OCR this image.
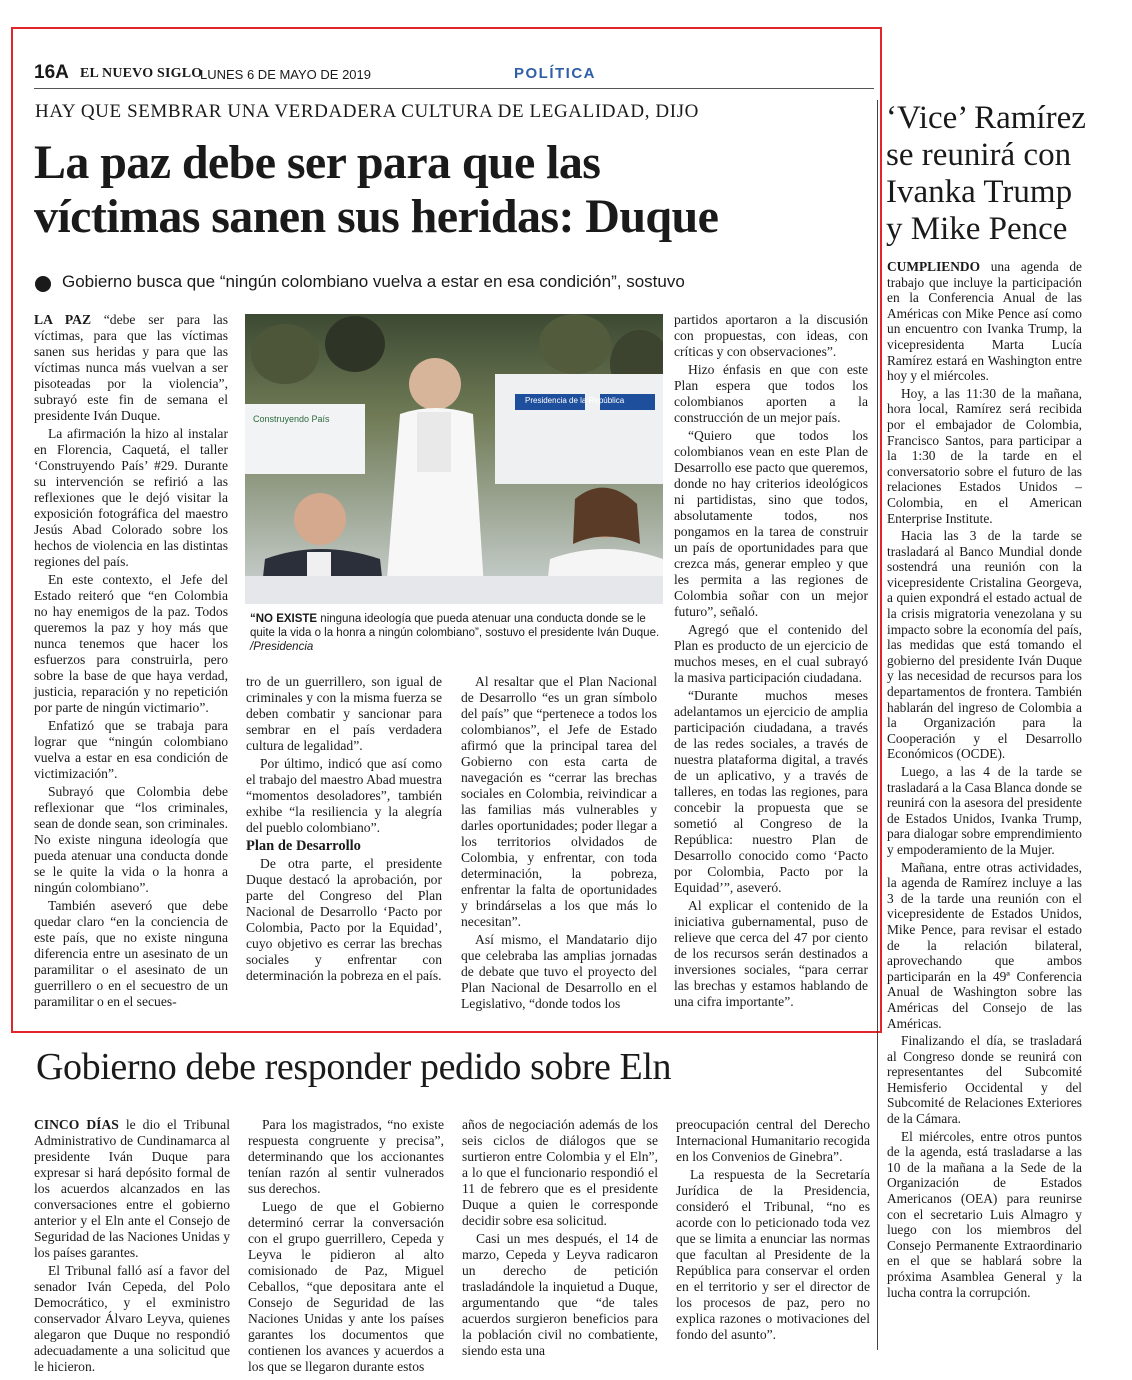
16A EL NUEVO SIGLO
LUNES 6 DE MAYO DE 2019	POLÍTICA
HAY QUE SEMBRAR UNA VERDADERA CULTURA DE LEGALIDAD, DIJO
La paz debe ser para que las
víctimas sanen sus heridas: Duque
Gobierno busca que “ningún colombiano vuelva a estar en esa condición”, sostuvo

LA PAZ “debe ser para las víctimas, para que las víctimas sanen sus heridas y para que las víctimas nunca más vuelvan a ser pisoteadas por la violencia”, subrayó este fin de semana el presidente Iván Duque.

La afirmación la hizo al instalar en Florencia, Caquetá, el taller ‘Construyendo País’ #29. Durante su intervención se refirió a las reflexiones que le dejó visitar la exposición fotográfica del maestro Jesús Abad Colorado sobre los hechos de violencia en las distintas regiones del país.

En este contexto, el Jefe del Estado reiteró que “en Colombia no hay enemigos de la paz. Todos queremos la paz y hoy más que nunca tenemos que hacer los esfuerzos para construirla, pero sobre la base de que haya verdad, justicia, reparación y no repetición por parte de ningún victimario”.

Enfatizó que se trabaja para lograr que “ningún colombiano vuelva a estar en esa condición de victimización”.

Subrayó que Colombia debe reflexionar que “los criminales, sean de donde sean, son criminales. No existe ninguna ideología que pueda atenuar una conducta donde se le quite la vida o la honra a ningún colombiano”.

También aseveró que debe quedar claro “en la conciencia de este país, que no existe ninguna diferencia entre un asesinato de un paramilitar o el asesinato de un guerrillero o en el secuestro de un paramilitar o en el secues-

Presidencia de la República
Construyendo País
“NO EXISTE ninguna ideología que pueda atenuar una conducta donde se le quite la vida o la honra a ningún colombiano”, sostuvo el presidente Iván Duque. /Presidencia

tro de un guerrillero, son igual de criminales y con la misma fuerza se deben combatir y sancionar para sembrar en el país verdadera cultura de legalidad”.

Por último, indicó que así como el trabajo del maestro Abad muestra “momentos desoladores”, también exhibe “la resiliencia y la alegría del pueblo colombiano”.

Plan de Desarrollo

De otra parte, el presidente Duque destacó la aprobación, por parte del Congreso del Plan Nacional de Desarrollo ‘Pacto por Colombia, Pacto por la Equidad’, cuyo objetivo es cerrar las brechas sociales y enfrentar con determinación la pobreza en el país.

Al resaltar que el Plan Nacional de Desarrollo “es un gran símbolo del país” que “pertenece a todos los colombianos”, el Jefe de Estado afirmó que la principal tarea del Gobierno con esta carta de navegación es “cerrar las brechas sociales en Colombia, reivindicar a las familias más vulnerables y darles oportunidades; poder llegar a los territorios olvidados de Colombia, y enfrentar, con toda determinación, la pobreza, enfrentar la falta de oportunidades y brindárselas a los que más lo necesitan”.

Así mismo, el Mandatario dijo que celebraba las amplias jornadas de debate que tuvo el proyecto del Plan Nacional de Desarrollo en el Legislativo, “donde todos los

partidos aportaron a la discusión con propuestas, con ideas, con críticas y con observaciones”.

Hizo énfasis en que con este Plan espera que todos los colombianos aporten a la construcción de un mejor país.

“Quiero que todos los colombianos vean en este Plan de Desarrollo ese pacto que queremos, donde no hay criterios ideológicos ni partidistas, sino que todos, absolutamente todos, nos pongamos en la tarea de construir un país de oportunidades para que crezca más, generar empleo y que les permita a las regiones de Colombia soñar con un mejor futuro”, señaló.

Agregó que el contenido del Plan es producto de un ejercicio de muchos meses, en el cual subrayó la masiva participación ciudadana.

“Durante muchos meses adelantamos un ejercicio de amplia participación ciudadana, a través de las redes sociales, a través de nuestra plataforma digital, a través de un aplicativo, y a través de talleres, en todas las regiones, para concebir la propuesta que se sometió al Congreso de la República: nuestro Plan de Desarrollo conocido como ‘Pacto por Colombia, Pacto por la Equidad’”, aseveró.

Al explicar el contenido de la iniciativa gubernamental, puso de relieve que cerca del 47 por ciento de los recursos serán destinados a inversiones sociales, “para cerrar las brechas y estamos hablando de una cifra importante”.

‘Vice’ Ramírez se reunirá con Ivanka Trump y Mike Pence

CUMPLIENDO una agenda de trabajo que incluye la participación en la Conferencia Anual de las Américas con Mike Pence así como un encuentro con Ivanka Trump, la vicepresidenta Marta Lucía Ramírez estará en Washington entre hoy y el miércoles.

Hoy, a las 11:30 de la mañana, hora local, Ramírez será recibida por el embajador de Colombia, Francisco Santos, para participar a la 1:30 de la tarde en el conversatorio sobre el futuro de las relaciones Estados Unidos – Colombia, en el American Enterprise Institute.

Hacia las 3 de la tarde se trasladará al Banco Mundial donde sostendrá una reunión con la vicepresidente Cristalina Georgeva, a quien expondrá el estado actual de la crisis migratoria venezolana y su impacto sobre la economía del país, las medidas que está tomando el gobierno del presidente Iván Duque y las necesidad de recursos para los departamentos de frontera. También hablarán del ingreso de Colombia a la Organización para la Cooperación y el Desarrollo Económicos (OCDE).

Luego, a las 4 de la tarde se trasladará a la Casa Blanca donde se reunirá con la asesora del presidente de Estados Unidos, Ivanka Trump, para dialogar sobre emprendimiento y empoderamiento de la Mujer.

Mañana, entre otras actividades, la agenda de Ramírez incluye a las 3 de la tarde una reunión con el vicepresidente de Estados Unidos, Mike Pence, para revisar el estado de la relación bilateral, aprovechando que ambos participarán en la 49ª Conferencia Anual de Washington sobre las Américas del Consejo de las Américas.

Finalizando el día, se trasladará al Congreso donde se reunirá con representantes del Subcomité Hemisferio Occidental y del Subcomité de Relaciones Exteriores de la Cámara.

El miércoles, entre otros puntos de la agenda, está trasladarse a las 10 de la mañana a la Sede de la Organización de Estados Americanos (OEA) para reunirse con el secretario Luis Almagro y luego con los miembros del Consejo Permanente Extraordinario en el que se hablará sobre la próxima Asamblea General y la lucha contra la corrupción.

Gobierno debe responder pedido sobre Eln

CINCO DÍAS le dio el Tribunal Administrativo de Cundinamarca al presidente Iván Duque para expresar si hará depósito formal de los acuerdos alcanzados en las conversaciones entre el gobierno anterior y el Eln ante el Consejo de Seguridad de las Naciones Unidas y los países garantes.

El Tribunal falló así a favor del senador Iván Cepeda, del Polo Democrático, y el exministro conservador Álvaro Leyva, quienes alegaron que Duque no respondió adecuadamente a una solicitud que le hicieron.

Para los magistrados, “no existe respuesta congruente y precisa”, determinando que los accionantes tenían razón al sentir vulnerados sus derechos.

Luego de que el Gobierno determinó cerrar la conversación con el grupo guerrillero, Cepeda y Leyva le pidieron al alto comisionado de Paz, Miguel Ceballos, “que depositara ante el Consejo de Seguridad de las Naciones Unidas y ante los países garantes los documentos que contienen los avances y acuerdos a los que se llegaron durante estos

años de negociación además de los seis ciclos de diálogos que se surtieron entre Colombia y el Eln”, a lo que el funcionario respondió el 11 de febrero que es el presidente Duque a quien le corresponde decidir sobre esa solicitud.

Casi un mes después, el 14 de marzo, Cepeda y Leyva radicaron un derecho de petición trasladándole la inquietud a Duque, argumentando que “de tales acuerdos surgieron beneficios para la población civil no combatiente, siendo esta una

preocupación central del Derecho Internacional Humanitario recogida en los Convenios de Ginebra”.

La respuesta de la Secretaría Jurídica de la Presidencia, consideró el Tribunal, “no es acorde con lo peticionado toda vez que se limita a enunciar las normas que facultan al Presidente de la República para conservar el orden en el territorio y ser el director de los procesos de paz, pero no explica razones o motivaciones del fondo del asunto”.
